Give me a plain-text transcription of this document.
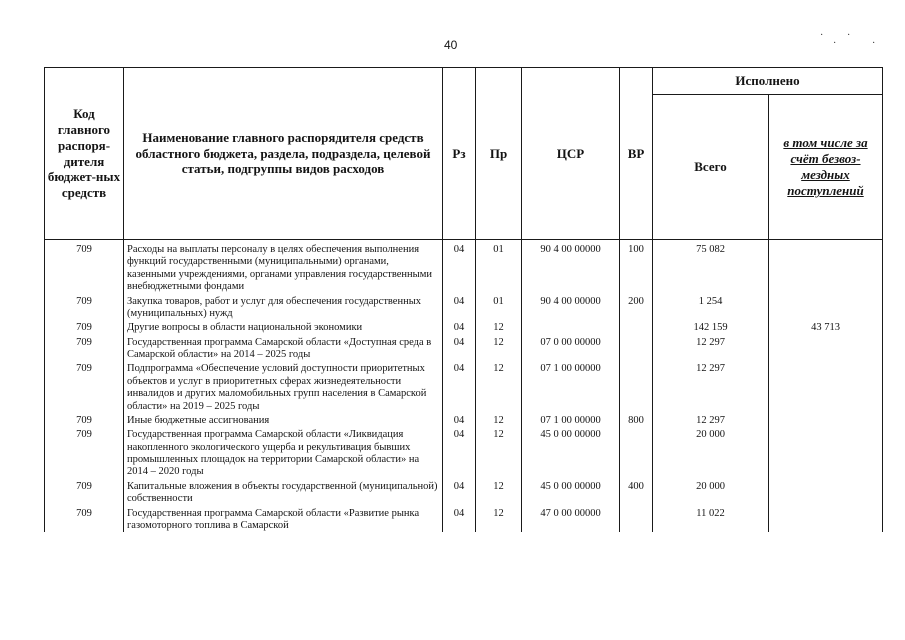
40
·
·
·
·
Код главного распоря-дителя бюджет-ных средств	Наименование главного распорядителя средств областного бюджета, раздела, подраздела, целевой статьи, подгруппы видов расходов	Рз	Пр	ЦСР	ВР	Исполнено	
						Всего	в том числе за счёт безвоз-мездных поступлений

709	Расходы на выплаты персоналу в целях обеспечения выполнения функций государственными (муниципальными) органами, казенными учреждениями, органами управления государственными внебюджетными фондами	04	01	90 4 00 00000	100	75 082	
709	Закупка товаров, работ и услуг для обеспечения государственных (муниципальных) нужд	04	01	90 4 00 00000	200	1 254	
709	Другие вопросы в области национальной экономики	04	12			142 159	43 713
709	Государственная программа Самарской области «Доступная среда в Самарской области» на 2014 – 2025 годы	04	12	07 0 00 00000		12 297	
709	Подпрограмма «Обеспечение условий доступности приоритетных объектов и услуг в приоритетных сферах жизнедеятельности инвалидов и других маломобильных групп населения в Самарской области» на 2019 – 2025 годы	04	12	07 1 00 00000		12 297	
709	Иные бюджетные ассигнования	04	12	07 1 00 00000	800	12 297	
709	Государственная программа Самарской области «Ликвидация накопленного экологического ущерба и рекультивация бывших промышленных площадок на территории Самарской области» на 2014 – 2020 годы	04	12	45 0 00 00000		20 000	
709	Капитальные вложения в объекты государственной (муниципальной) собственности	04	12	45 0 00 00000	400	20 000	
709	Государственная программа Самарской области «Развитие рынка газомоторного топлива в Самарской	04	12	47 0 00 00000		11 022	
